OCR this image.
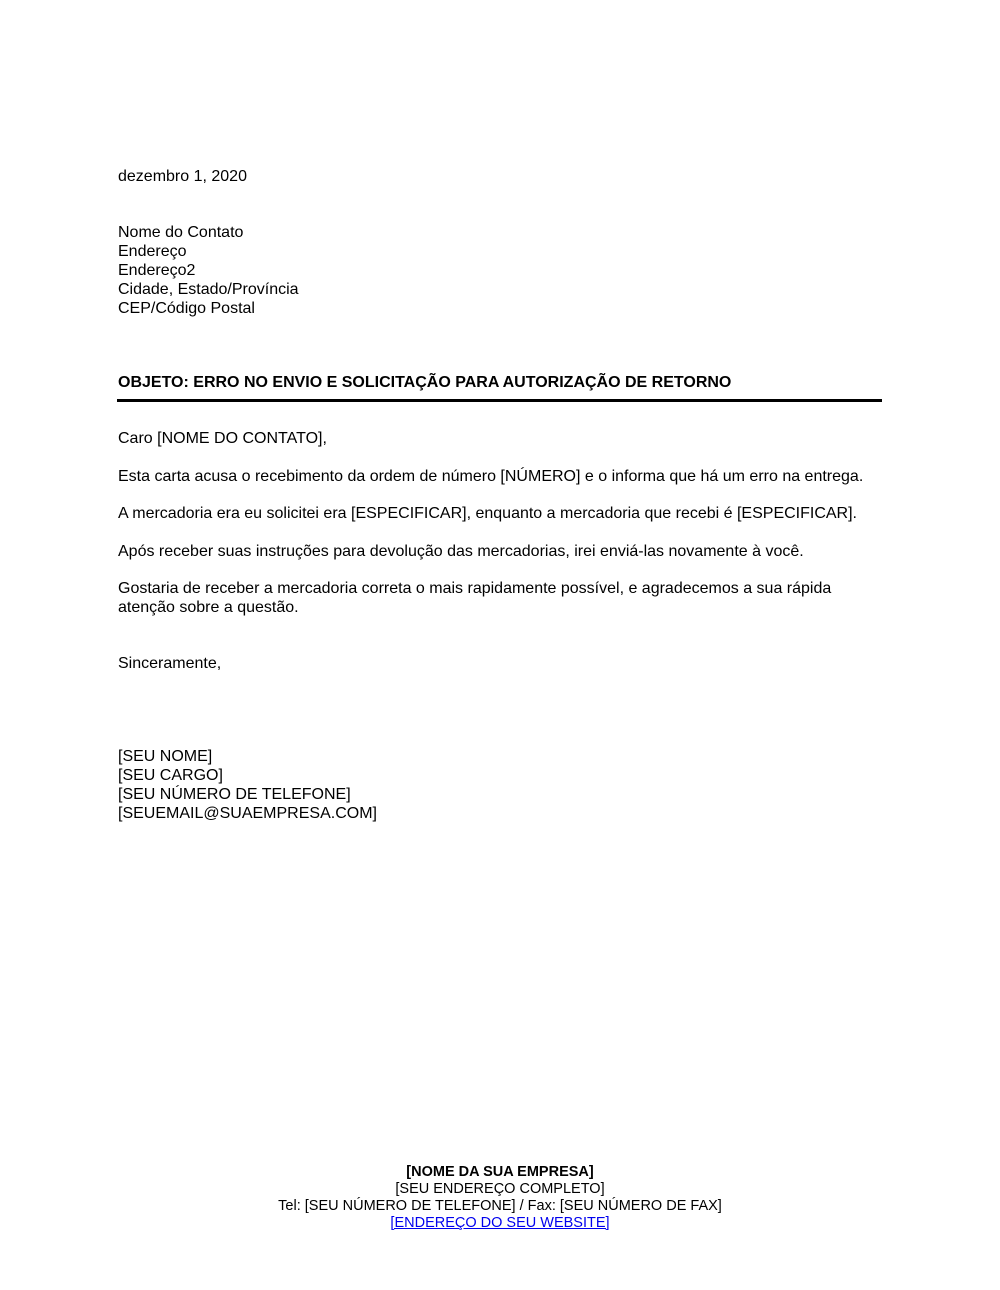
dezembro 1, 2020
Nome do Contato
Endereço
Endereço2
Cidade, Estado/Província
CEP/Código Postal
OBJETO: ERRO NO ENVIO E SOLICITAÇÃO PARA AUTORIZAÇÃO DE RETORNO
Caro [NOME DO CONTATO],
Esta carta acusa o recebimento da ordem de número [NÚMERO] e o informa que há um erro na entrega.
A mercadoria era eu solicitei era [ESPECIFICAR], enquanto a mercadoria que recebi é [ESPECIFICAR].
Após receber suas instruções para devolução das mercadorias, irei enviá-las novamente à você.
Gostaria de receber a mercadoria correta o mais rapidamente possível, e agradecemos a sua rápida
atenção sobre a questão.
Sinceramente,
[SEU NOME]
[SEU CARGO]
[SEU NÚMERO DE TELEFONE]
[SEUEMAIL@SUAEMPRESA.COM]
[NOME DA SUA EMPRESA]
[SEU ENDEREÇO COMPLETO]
Tel: [SEU NÚMERO DE TELEFONE] / Fax: [SEU NÚMERO DE FAX]
[ENDEREÇO DO SEU WEBSITE]
